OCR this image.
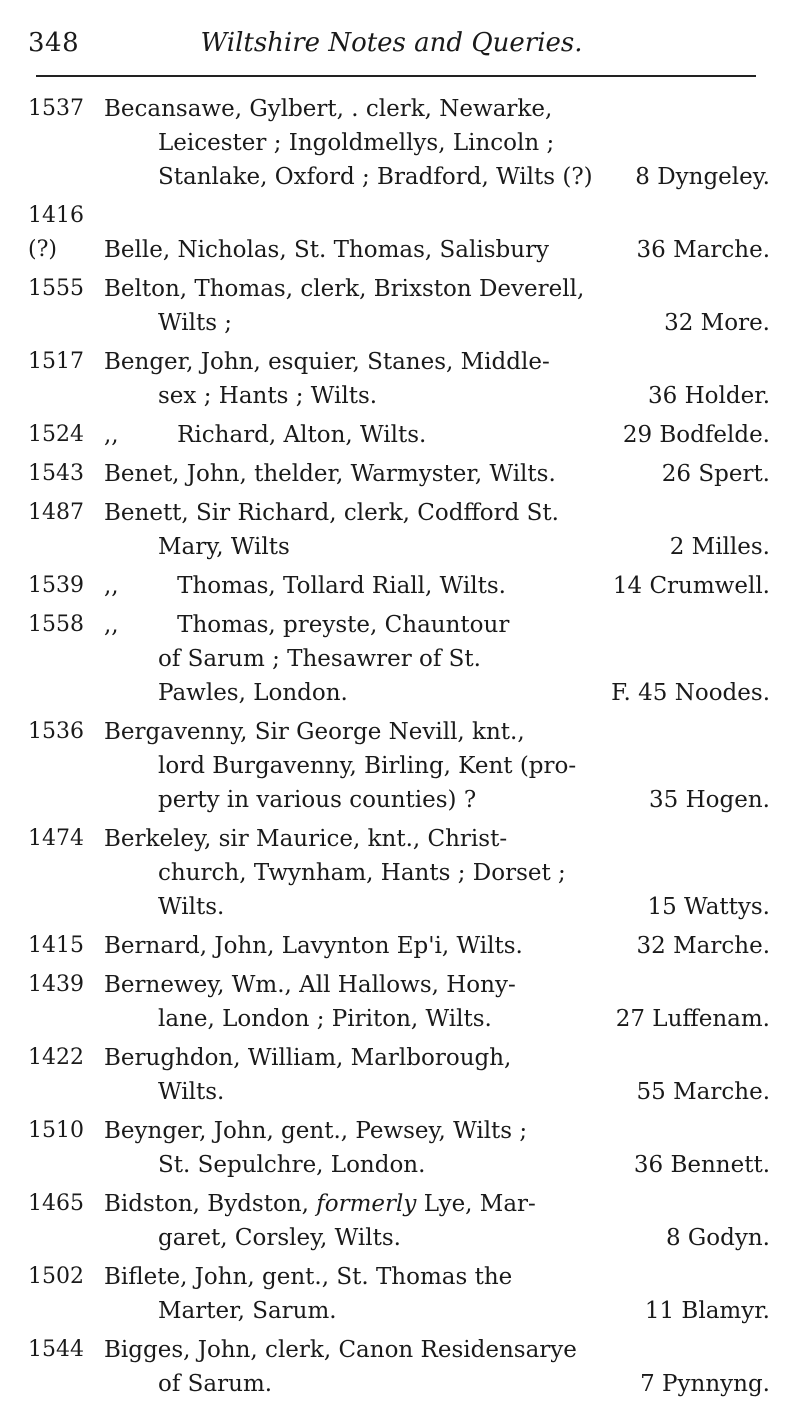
348	Wiltshire Notes and Queries.
1537 Becansawe, Gylbert, . clerk, Newarke,
Leicester ; Ingoldmellys, Lincoln ;
Stanlake, Oxford ; Bradford, Wilts (?)	8 Dyngeley.
1416 (?)	Belle, Nicholas, St. Thomas, Salisbury	36 Marche.
1555 Belton, Thomas, clerk, Brixston Deverell,
Wilts ;	32 More.
1517 Benger, John, esquier, Stanes, Middle-
sex ; Hants ; Wilts.	36 Holder.
1524 ,,        Richard, Alton, Wilts.	29 Bodfelde.
1543 Benet, John, thelder, Warmyster, Wilts.	26 Spert.
1487 Benett, Sir Richard, clerk, Codfford St.
Mary, Wilts	2 Milles.
1539 ,,        Thomas, Tollard Riall, Wilts.	14 Crumwell.
1558 ,,        Thomas, preyste, Chauntour
of Sarum ; Thesawrer of St.
Pawles, London.	F. 45 Noodes.
1536 Bergavenny, Sir George Nevill, knt.,
lord Burgavenny, Birling, Kent (pro-
perty in various counties) ?	35 Hogen.
1474 Berkeley, sir Maurice, knt., Christ-
church, Twynham, Hants ; Dorset ;
Wilts.	15 Wattys.
1415 Bernard, John, Lavynton Ep'i, Wilts.	32 Marche.
1439 Bernewey, Wm., All Hallows, Hony-
lane, London ; Piriton, Wilts.	27 Luffenam.
1422 Berughdon, William, Marlborough,
Wilts.	55 Marche.
1510 Beynger, John, gent., Pewsey, Wilts ;
St. Sepulchre, London.	36 Bennett.
1465 Bidston, Bydston, formerly Lye, Mar-
garet, Corsley, Wilts.	8 Godyn.
1502 Biflete, John, gent., St. Thomas the
Marter, Sarum.	11 Blamyr.
1544 Bigges, John, clerk, Canon Residensarye
of Sarum.	7 Pynnyng.
